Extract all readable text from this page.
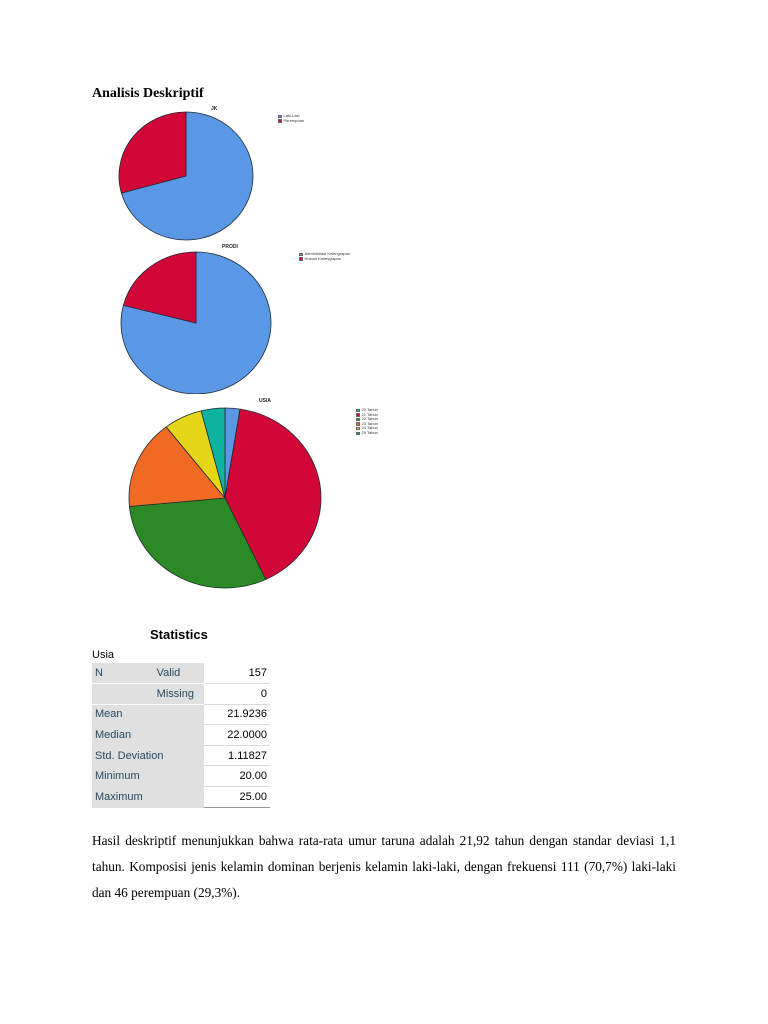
Analisis Deskriptif
JK
Laki-Laki
Perempuan
PRODI
Administrasi Kelengrapan
Hukum Kelengrapan
USIA
20 Tahun
21 Tahun
22 Tahun
23 Tahun
24 Tahun
25 Tahun
Statistics
Usia
N	Valid	157
	Missing	0
Mean		21.9236
Median		22.0000
Std. Deviation		1.11827
Minimum		20.00
Maximum		25.00

Hasil deskriptif menunjukkan bahwa rata-rata umur taruna adalah 21,92 tahun dengan standar deviasi 1,1 tahun. Komposisi jenis kelamin dominan berjenis kelamin laki-laki, dengan frekuensi 111 (70,7%) laki-laki dan 46 perempuan (29,3%).
